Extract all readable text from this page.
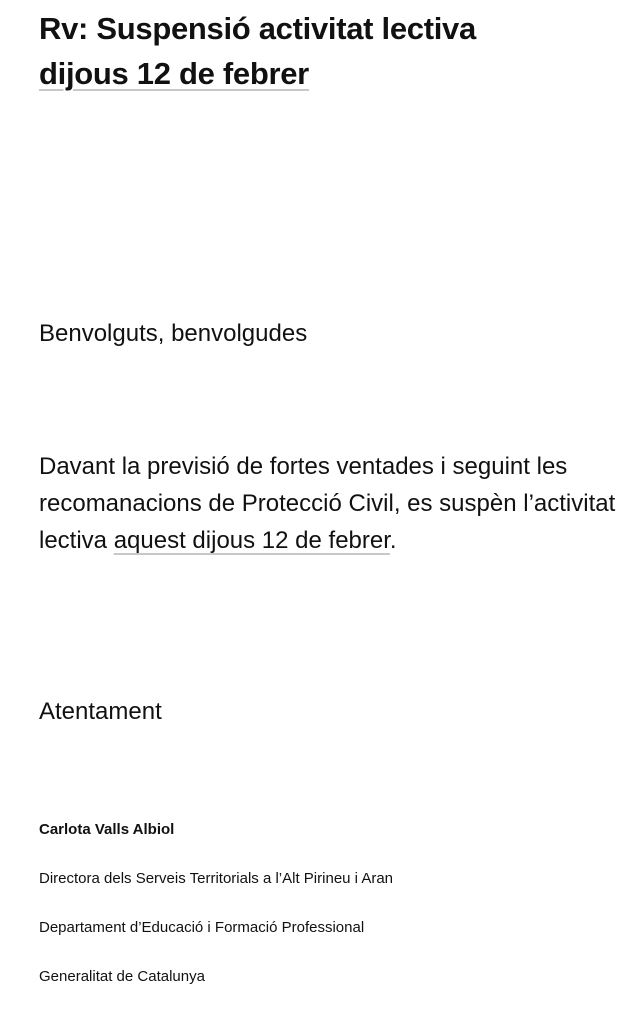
Rv: Suspensió activitat lectiva
dijous 12 de febrer

Benvolguts, benvolgudes

Davant la previsió de fortes ventades i seguint les recomanacions de Protecció Civil, es suspèn l’activitat lectiva aquest dijous 12 de febrer.

Atentament

Carlota Valls Albiol

Directora dels Serveis Territorials a l’Alt Pirineu i Aran

Departament d’Educació i Formació Professional

Generalitat de Catalunya
